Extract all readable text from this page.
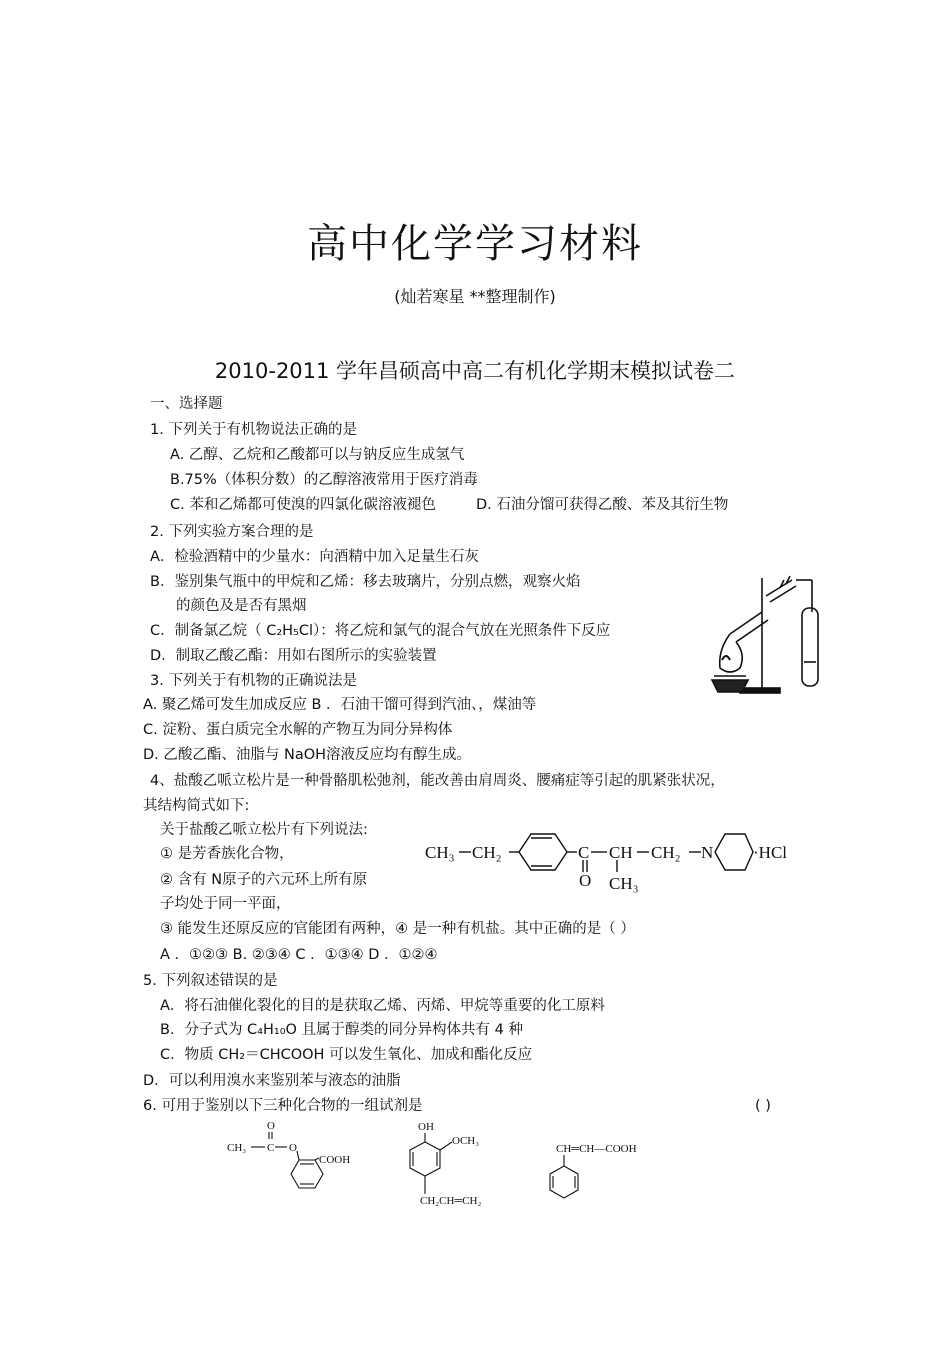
高中化学学习材料
(灿若寒星 **整理制作)
2010-2011 学年昌硕高中高二有机化学期末模拟试卷二
一、选择题
1. 下列关于有机物说法正确的是
A. 乙醇、乙烷和乙酸都可以与钠反应生成氢气
B.75%（体积分数）的乙醇溶液常用于医疗消毒
C. 苯和乙烯都可使溴的四氯化碳溶液褪色	D. 石油分馏可获得乙酸、苯及其衍生物
2. 下列实验方案合理的是
A．检验酒精中的少量水：向酒精中加入足量生石灰
B．鉴别集气瓶中的甲烷和乙烯：移去玻璃片，分别点燃，观察火焰
的颜色及是否有黑烟
C．制备氯乙烷（ C₂H₅Cl）：将乙烷和氯气的混合气放在光照条件下反应
D．制取乙酸乙酯：用如右图所示的实验装置
3. 下列关于有机物的正确说法是
A. 聚乙烯可发生加成反应 B ．石油干馏可得到汽油、，煤油等
C. 淀粉、蛋白质完全水解的产物互为同分异构体
D. 乙酸乙酯、油脂与 NaOH溶液反应均有醇生成。
4、盐酸乙哌立松片是一种骨骼肌松弛剂，能改善由肩周炎、腰痛症等引起的肌紧张状况，
其结构简式如下:
关于盐酸乙哌立松片有下列说法:
① 是芳香族化合物，
② 含有 N原子的六元环上所有原
子均处于同一平面，
③ 能发生还原反应的官能团有两种，④ 是一种有机盐。其中正确的是（ ）
A ．①②③ B. ②③④ C ．①③④ D ．①②④
CH₃ CH₂	C
O
CH CH₂
CH₃
N ·HCl
5. 下列叙述错误的是
A．将石油催化裂化的目的是获取乙烯、丙烯、甲烷等重要的化工原料
B．分子式为 C₄H₁₀O 且属于醇类的同分异构体共有 4 种
C．物质 CH₂＝CHCOOH 可以发生氧化、加成和酯化反应
D．可以利用溴水来鉴别苯与液态的油脂
6. 可用于鉴别以下三种化合物的一组试剂是	( )
CH₃ C
O
O
COOH
OH
OCH₃
CH₂CH═CH₂
CH═CH—COOH
